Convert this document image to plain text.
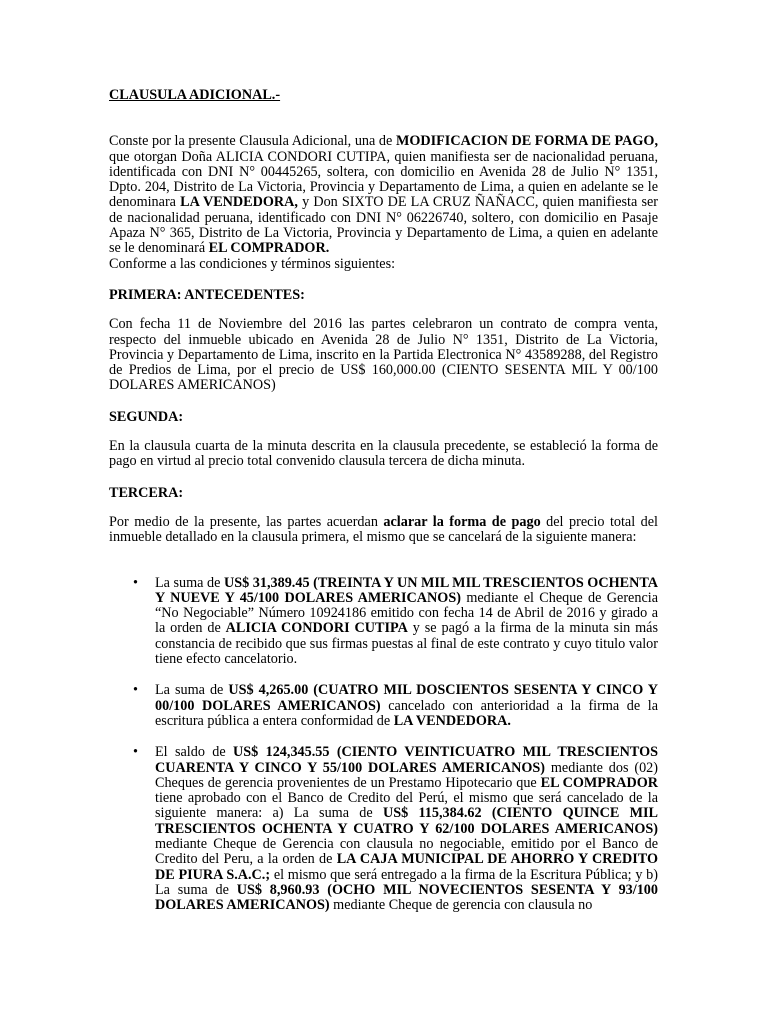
CLAUSULA ADICIONAL.-

Conste por la presente Clausula Adicional, una de MODIFICACION DE FORMA DE PAGO, que otorgan Doña ALICIA CONDORI CUTIPA, quien manifiesta ser de nacionalidad peruana, identificada con DNI N° 00445265, soltera, con domicilio en Avenida 28 de Julio N° 1351, Dpto. 204, Distrito de La Victoria, Provincia y Departamento de Lima, a quien en adelante se le denominara LA VENDEDORA, y Don SIXTO DE LA CRUZ ÑAÑACC, quien manifiesta ser de nacionalidad peruana, identificado con DNI N° 06226740, soltero, con domicilio en Pasaje Apaza N° 365, Distrito de La Victoria, Provincia y Departamento de Lima, a quien en adelante se le denominará EL COMPRADOR.

Conforme a las condiciones y términos siguientes:

PRIMERA: ANTECEDENTES:

Con fecha 11 de Noviembre del 2016 las partes celebraron un contrato de compra venta, respecto del inmueble ubicado en Avenida 28 de Julio N° 1351, Distrito de La Victoria, Provincia y Departamento de Lima, inscrito en la Partida Electronica N° 43589288, del Registro de Predios de Lima, por el precio de US$ 160,000.00 (CIENTO SESENTA MIL Y 00/100 DOLARES AMERICANOS)

SEGUNDA:

En la clausula cuarta de la minuta descrita en la clausula precedente, se estableció la forma de pago en virtud al precio total convenido clausula tercera de dicha minuta.

TERCERA:

Por medio de la presente, las partes acuerdan aclarar la forma de pago del precio total del inmueble detallado en la clausula primera, el mismo que se cancelará de la siguiente manera:

• La suma de US$ 31,389.45 (TREINTA Y UN MIL MIL TRESCIENTOS OCHENTA Y NUEVE Y 45/100 DOLARES AMERICANOS) mediante el Cheque de Gerencia “No Negociable” Número 10924186 emitido con fecha 14 de Abril de 2016 y girado a la orden de ALICIA CONDORI CUTIPA y se pagó a la firma de la minuta sin más constancia de recibido que sus firmas puestas al final de este contrato y cuyo titulo valor tiene efecto cancelatorio.

• La suma de US$ 4,265.00 (CUATRO MIL DOSCIENTOS SESENTA Y CINCO Y 00/100 DOLARES AMERICANOS) cancelado con anterioridad a la firma de la escritura pública a entera conformidad de LA VENDEDORA.

• El saldo de US$ 124,345.55 (CIENTO VEINTICUATRO MIL TRESCIENTOS CUARENTA Y CINCO Y 55/100 DOLARES AMERICANOS) mediante dos (02) Cheques de gerencia provenientes de un Prestamo Hipotecario que EL COMPRADOR tiene aprobado con el Banco de Credito del Perú, el mismo que será cancelado de la siguiente manera: a) La suma de US$ 115,384.62 (CIENTO QUINCE MIL TRESCIENTOS OCHENTA Y CUATRO Y 62/100 DOLARES AMERICANOS) mediante Cheque de Gerencia con clausula no negociable, emitido por el Banco de Credito del Peru, a la orden de LA CAJA MUNICIPAL DE AHORRO Y CREDITO DE PIURA S.A.C.; el mismo que será entregado a la firma de la Escritura Pública; y b) La suma de US$ 8,960.93 (OCHO MIL NOVECIENTOS SESENTA Y 93/100 DOLARES AMERICANOS) mediante Cheque de gerencia con clausula no
